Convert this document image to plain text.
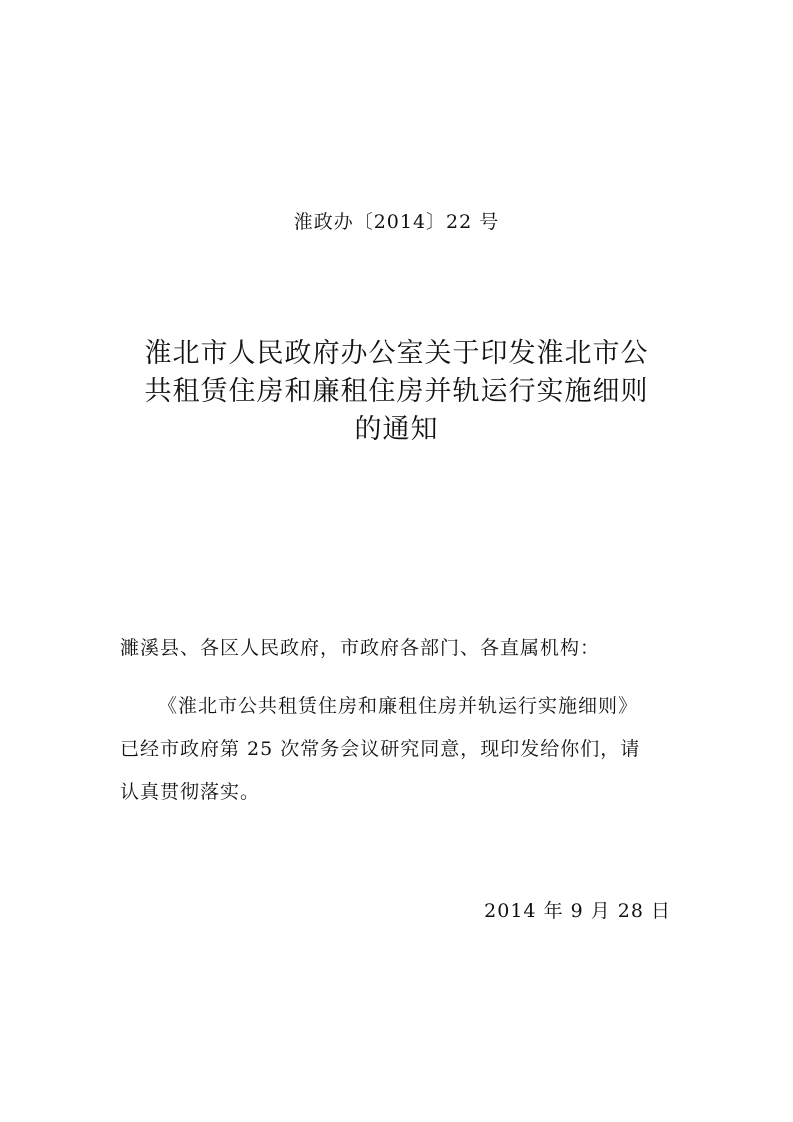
淮政办〔2014〕22 号
淮北市人民政府办公室关于印发淮北市公
共租赁住房和廉租住房并轨运行实施细则
的通知
濉溪县、各区人民政府，市政府各部门、各直属机构：
《淮北市公共租赁住房和廉租住房并轨运行实施细则》
已经市政府第 25 次常务会议研究同意，现印发给你们，请
认真贯彻落实。
2014 年 9 月 28 日
